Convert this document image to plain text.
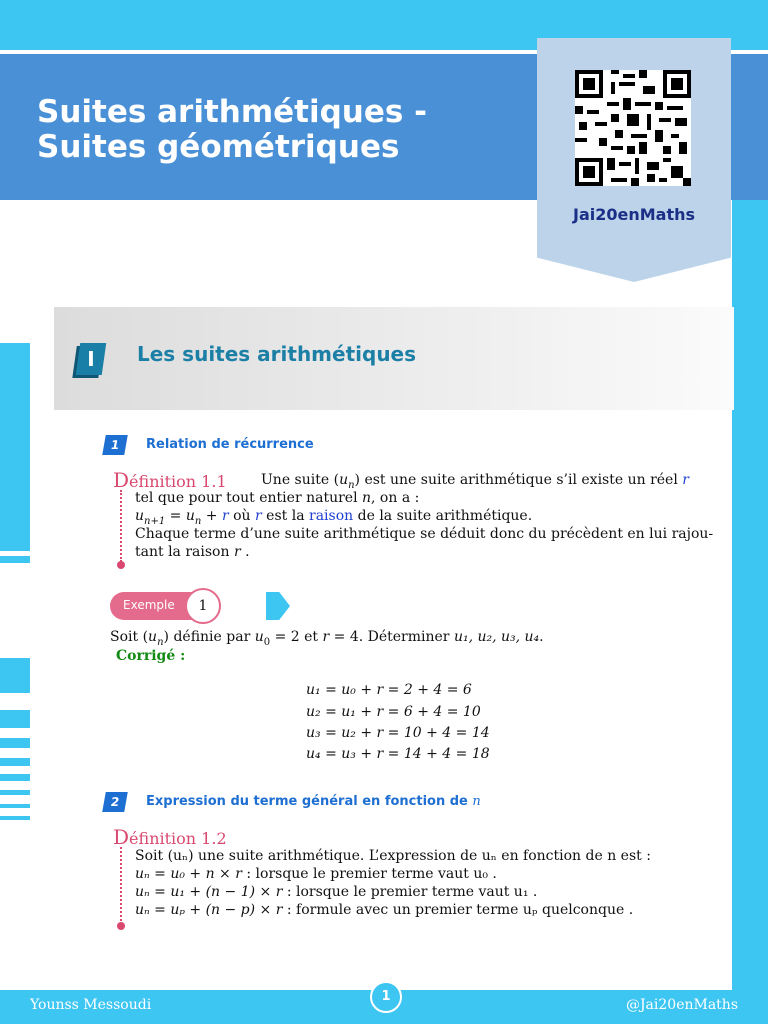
Suites arithmétiques -
Suites géométriques
Jai20enMaths
I	Les suites arithmétiques
1	Relation de récurrence
Définition 1.1 Une suite $(u_n)$ est une suite arithmétique s’il existe un réel r
tel que pour tout entier naturel n, on a :
$u_{n+1} = u_n + r$ où r est la raison de la suite arithmétique.
Chaque terme d’une suite arithmétique se déduit donc du précèdent en lui rajou-
tant la raison r .
Exemple	1
Soit $(u_n)$ définie par $u_0 = 2$ et r = 4. Déterminer u₁, u₂, u₃, u₄.
Corrigé :
u₁ = u₀ + r = 2 + 4 = 6
u₂ = u₁ + r = 6 + 4 = 10
u₃ = u₂ + r = 10 + 4 = 14
u₄ = u₃ + r = 14 + 4 = 18
2	Expression du terme général en fonction de n
Définition 1.2
Soit (uₙ) une suite arithmétique. L’expression de uₙ en fonction de n est :
uₙ = u₀ + n × r : lorsque le premier terme vaut u₀ .
uₙ = u₁ + (n − 1) × r : lorsque le premier terme vaut u₁ .
uₙ = uₚ + (n − p) × r : formule avec un premier terme uₚ quelconque .
Younss Messoudi	@Jai20enMaths
1
